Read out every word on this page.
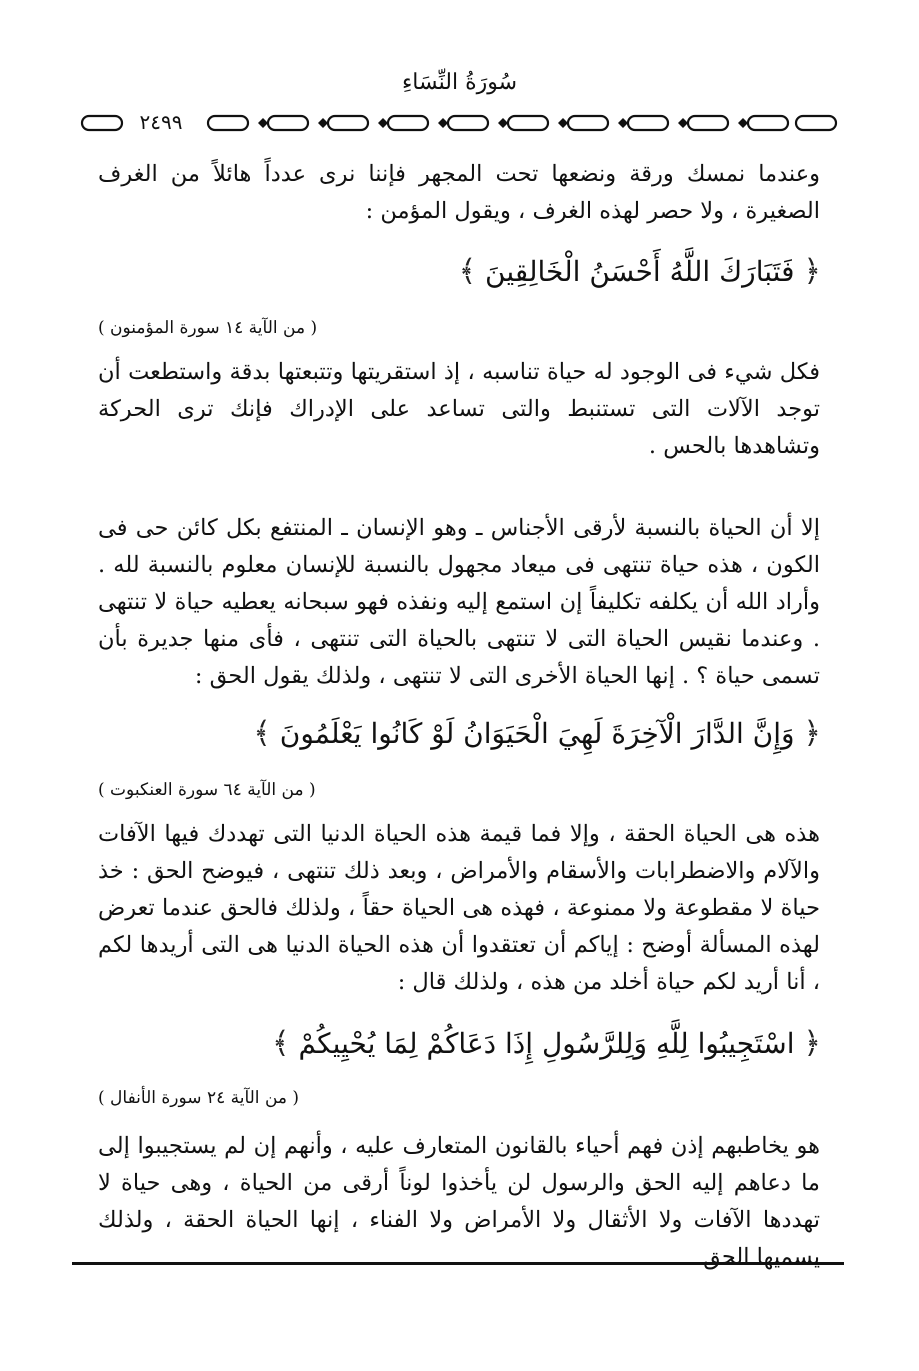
سُورَةُ النِّسَاءِ
٢٤٩٩

وعندما نمسك ورقة ونضعها تحت المجهر فإننا نرى عدداً هائلاً من الغرف الصغيرة ، ولا حصر لهذه الغرف ، ويقول المؤمن :

﴿ فَتَبَارَكَ اللَّهُ أَحْسَنُ الْخَالِقِينَ ﴾
( من الآية ١٤ سورة المؤمنون )

فكل شيء فى الوجود له حياة تناسبه ، إذ استقريتها وتتبعتها بدقة واستطعت أن توجد الآلات التى تستنبط والتى تساعد على الإدراك فإنك ترى الحركة وتشاهدها بالحس .

إلا أن الحياة بالنسبة لأرقى الأجناس ـ وهو الإنسان ـ المنتفع بكل كائن حى فى الكون ، هذه حياة تنتهى فى ميعاد مجهول بالنسبة للإنسان معلوم بالنسبة لله . وأراد الله أن يكلفه تكليفاً إن استمع إليه ونفذه فهو سبحانه يعطيه حياة لا تنتهى . وعندما نقيس الحياة التى لا تنتهى بالحياة التى تنتهى ، فأى منها جديرة بأن تسمى حياة ؟ . إنها الحياة الأخرى التى لا تنتهى ، ولذلك يقول الحق :

﴿ وَإِنَّ الدَّارَ الْآخِرَةَ لَهِيَ الْحَيَوَانُ لَوْ كَانُوا يَعْلَمُونَ ﴾
( من الآية ٦٤ سورة العنكبوت )

هذه هى الحياة الحقة ، وإلا فما قيمة هذه الحياة الدنيا التى تهددك فيها الآفات والآلام والاضطرابات والأسقام والأمراض ، وبعد ذلك تنتهى ، فيوضح الحق : خذ حياة لا مقطوعة ولا ممنوعة ، فهذه هى الحياة حقاً ، ولذلك فالحق عندما تعرض لهذه المسألة أوضح : إياكم أن تعتقدوا أن هذه الحياة الدنيا هى التى أريدها لكم ، أنا أريد لكم حياة أخلد من هذه ، ولذلك قال :

﴿ اسْتَجِيبُوا لِلَّهِ وَلِلرَّسُولِ إِذَا دَعَاكُمْ لِمَا يُحْيِيكُمْ ﴾
( من الآية ٢٤ سورة الأنفال )

هو يخاطبهم إذن فهم أحياء بالقانون المتعارف عليه ، وأنهم إن لم يستجيبوا إلى ما دعاهم إليه الحق والرسول لن يأخذوا لوناً أرقى من الحياة ، وهى حياة لا تهددها الآفات ولا الأثقال ولا الأمراض ولا الفناء ، إنها الحياة الحقة ، ولذلك يسميها الحق
